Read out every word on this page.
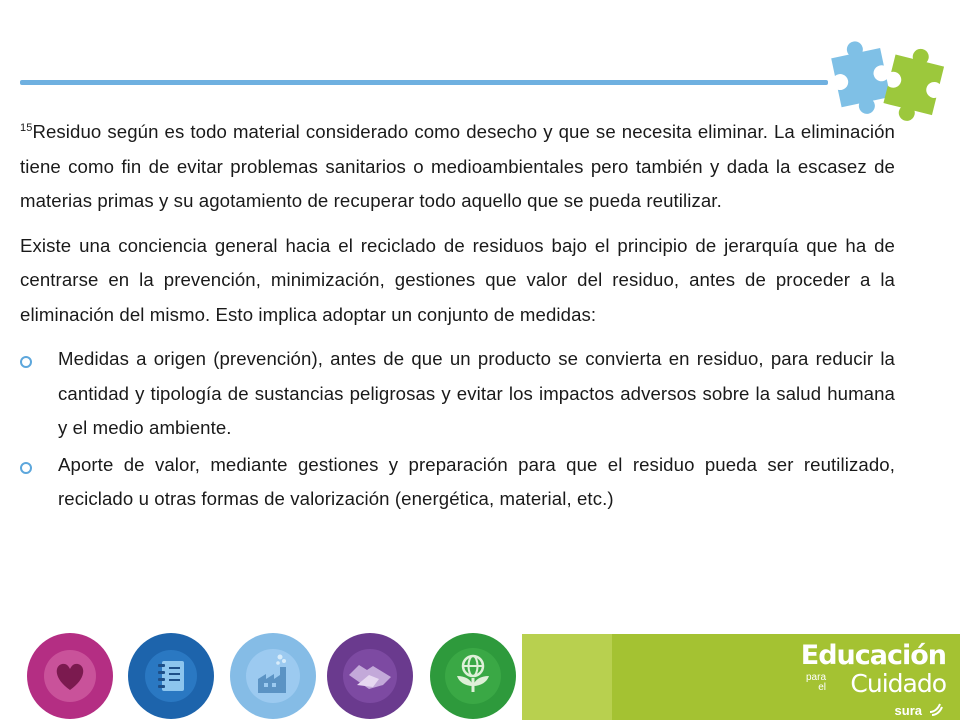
$^{15}$Residuo según es todo material considerado como desecho y que se necesita eliminar. La eliminación tiene como fin de evitar problemas sanitarios o medioambientales pero también y dada la escasez de materias primas y su agotamiento de recuperar todo aquello que se pueda reutilizar.

Existe una conciencia general hacia el reciclado de residuos bajo el principio de jerarquía que ha de centrarse en la prevención, minimización, gestiones que valor del residuo, antes de proceder a la eliminación del mismo. Esto implica adoptar un conjunto de medidas:

Medidas a origen (prevención), antes de que un producto se convierta en residuo, para reducir la cantidad y tipología de sustancias peligrosas y evitar los impactos adversos sobre la salud humana y el medio ambiente.
Aporte de valor, mediante gestiones y preparación para que el residuo pueda ser reutilizado, reciclado u otras formas de valorización (energética, material, etc.)
Educación
para
el Cuidado
sura
